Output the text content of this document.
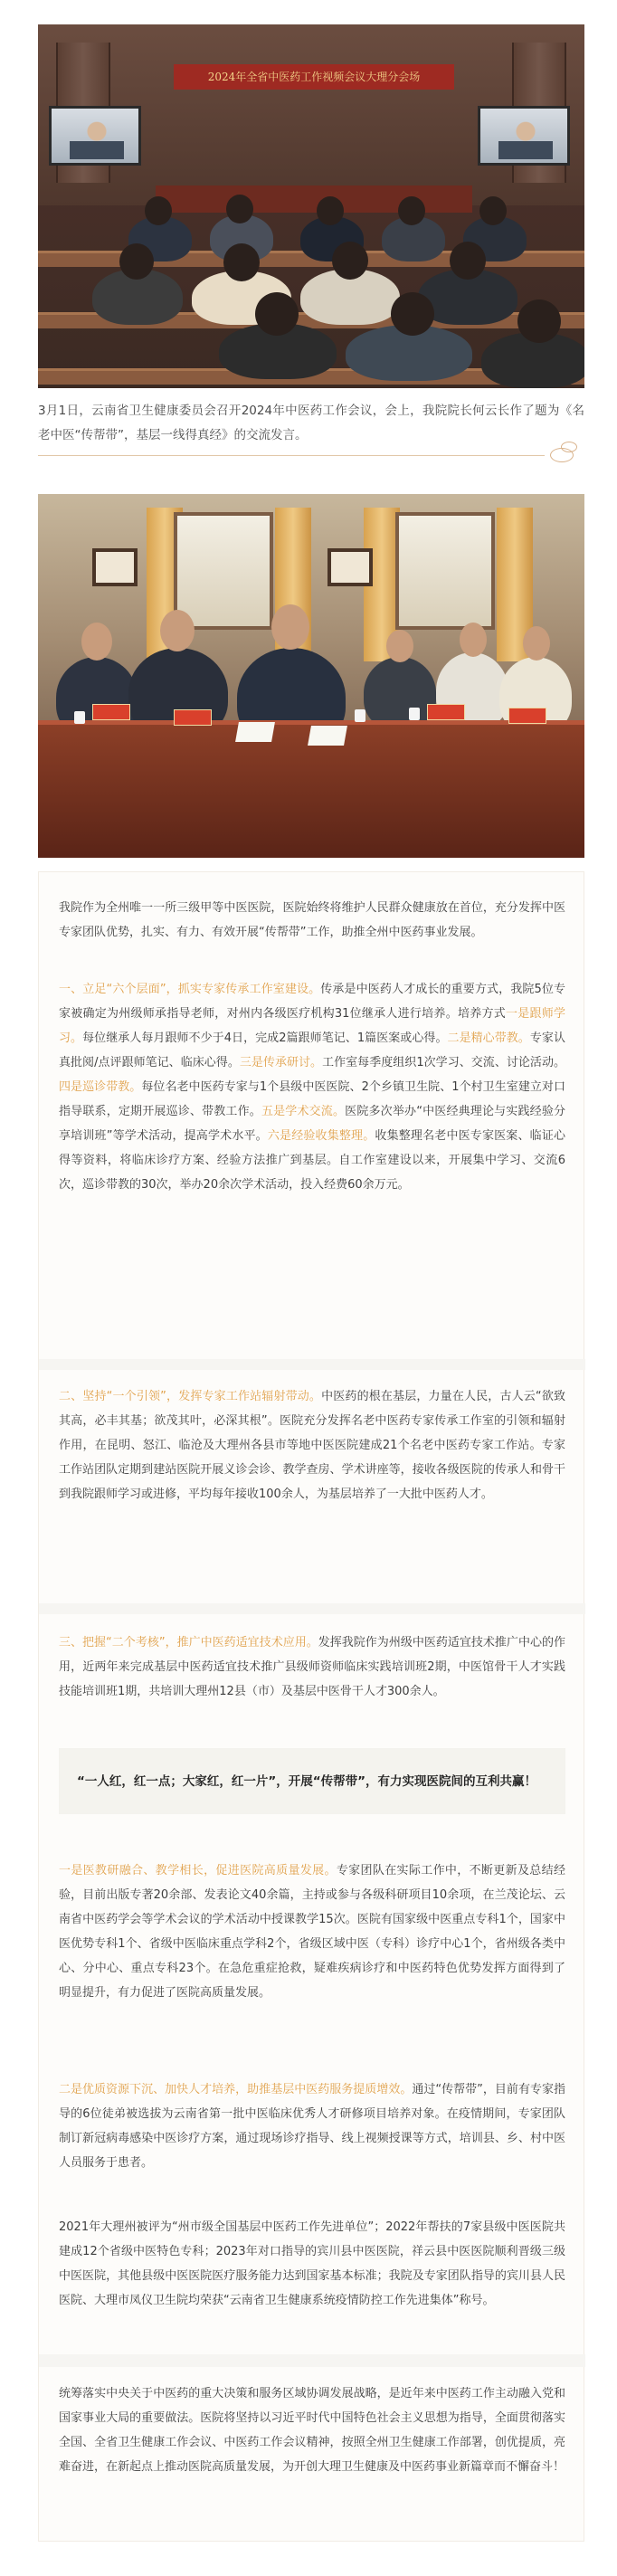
2024年全省中医药工作视频会议大理分会场
3月1日，云南省卫生健康委员会召开2024年中医药工作会议，会上，我院院长何云长作了题为《名老中医“传帮带”，基层一线得真经》的交流发言。
我院作为全州唯一一所三级甲等中医医院，医院始终将维护人民群众健康放在首位，充分发挥中医专家团队优势，扎实、有力、有效开展“传帮带”工作，助推全州中医药事业发展。
一、立足“六个层面”，抓实专家传承工作室建设。传承是中医药人才成长的重要方式，我院5位专家被确定为州级师承指导老师，对州内各级医疗机构31位继承人进行培养。培养方式一是跟师学习。每位继承人每月跟师不少于4日，完成2篇跟师笔记、1篇医案或心得。二是精心带教。专家认真批阅/点评跟师笔记、临床心得。三是传承研讨。工作室每季度组织1次学习、交流、讨论活动。四是巡诊带教。每位名老中医药专家与1个县级中医医院、2个乡镇卫生院、1个村卫生室建立对口指导联系，定期开展巡诊、带教工作。五是学术交流。医院多次举办“中医经典理论与实践经验分享培训班”等学术活动，提高学术水平。六是经验收集整理。收集整理名老中医专家医案、临证心得等资料，将临床诊疗方案、经验方法推广到基层。自工作室建设以来，开展集中学习、交流6次，巡诊带教的30次，举办20余次学术活动，投入经费60余万元。
二、坚持“一个引领”，发挥专家工作站辐射带动。中医药的根在基层，力量在人民，古人云“欲致其高，必丰其基；欲茂其叶，必深其根”。医院充分发挥名老中医药专家传承工作室的引领和辐射作用，在昆明、怒江、临沧及大理州各县市等地中医医院建成21个名老中医药专家工作站。专家工作站团队定期到建站医院开展义诊会诊、教学查房、学术讲座等，接收各级医院的传承人和骨干到我院跟师学习或进修，平均每年接收100余人，为基层培养了一大批中医药人才。
三、把握“二个考核”，推广中医药适宜技术应用。发挥我院作为州级中医药适宜技术推广中心的作用，近两年来完成基层中医药适宜技术推广县级师资师临床实践培训班2期，中医馆骨干人才实践技能培训班1期，共培训大理州12县（市）及基层中医骨干人才300余人。
“一人红，红一点；大家红，红一片”，开展“传帮带”，有力实现医院间的互利共赢！
一是医教研融合、教学相长，促进医院高质量发展。专家团队在实际工作中，不断更新及总结经验，目前出版专著20余部、发表论文40余篇，主持或参与各级科研项目10余项，在兰茂论坛、云南省中医药学会等学术会议的学术活动中授课教学15次。医院有国家级中医重点专科1个，国家中医优势专科1个、省级中医临床重点学科2个，省级区域中医（专科）诊疗中心1个，省州级各类中心、分中心、重点专科23个。在急危重症抢救，疑难疾病诊疗和中医药特色优势发挥方面得到了明显提升，有力促进了医院高质量发展。
二是优质资源下沉、加快人才培养，助推基层中医药服务提质增效。通过“传帮带”，目前有专家指导的6位徒弟被选拔为云南省第一批中医临床优秀人才研修项目培养对象。在疫情期间，专家团队制订新冠病毒感染中医诊疗方案，通过现场诊疗指导、线上视频授课等方式，培训县、乡、村中医人员服务于患者。
2021年大理州被评为“州市级全国基层中医药工作先进单位”；2022年帮扶的7家县级中医医院共建成12个省级中医特色专科；2023年对口指导的宾川县中医医院，祥云县中医医院顺利晋级三级中医医院，其他县级中医医院医疗服务能力达到国家基本标准；我院及专家团队指导的宾川县人民医院、大理市凤仪卫生院均荣获“云南省卫生健康系统疫情防控工作先进集体”称号。
统筹落实中央关于中医药的重大决策和服务区域协调发展战略，是近年来中医药工作主动融入党和国家事业大局的重要做法。医院将坚持以习近平时代中国特色社会主义思想为指导，全面贯彻落实全国、全省卫生健康工作会议、中医药工作会议精神，按照全州卫生健康工作部署，创优提质，亮难奋进，在新起点上推动医院高质量发展，为开创大理卫生健康及中医药事业新篇章而不懈奋斗！
